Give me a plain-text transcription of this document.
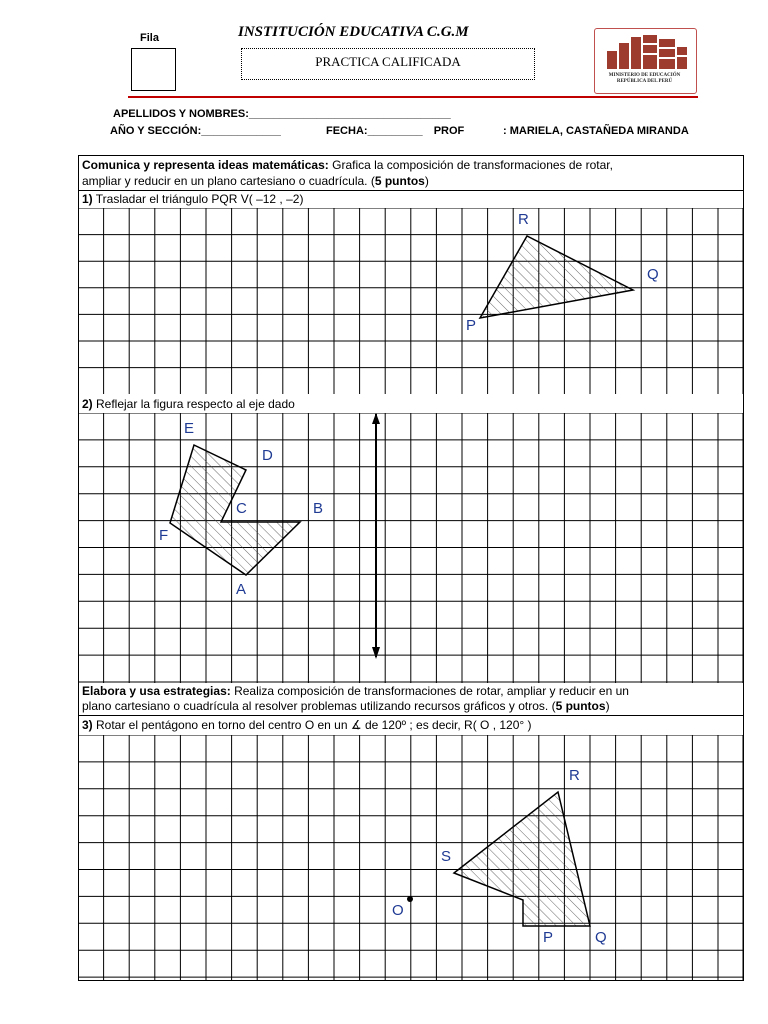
Fila	INSTITUCIÓN EDUCATIVA C.G.M
PRACTICA CALIFICADA
MINISTERIO DE EDUCACIÓN REPÚBLICA DEL PERÚ
APELLIDOS Y NOMBRES:_________________________________
AÑO Y SECCIÓN:_____________	FECHA:_________ PROF	: MARIELA, CASTAÑEDA MIRANDA
Comunica y representa ideas matemáticas: Grafica la composición de transformaciones de rotar,
ampliar y reducir en un plano cartesiano o cuadrícula. (5 puntos)
1) Trasladar el triángulo PQR V( –12 , –2)
R
Q
P
2) Reflejar la figura respecto al eje dado
E
D
C	B
F
A
Elabora y usa estrategias: Realiza composición de transformaciones de rotar, ampliar y reducir en un
plano cartesiano o cuadrícula al resolver problemas utilizando recursos gráficos y otros. (5 puntos)
3) Rotar el pentágono en torno del centro O en un ∡ de 120º ; es decir, R( O , 120° )
R
S
O
P	Q
